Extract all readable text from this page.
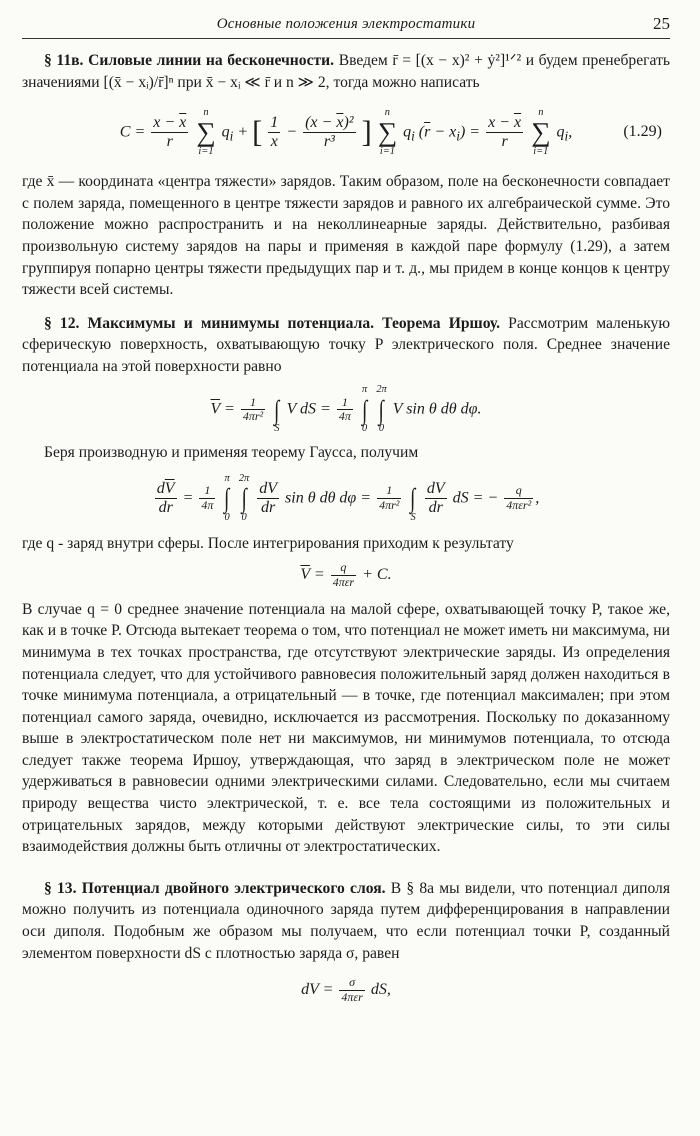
Основные положения электростатики	25

§ 11в. Силовые линии на бесконечности. Введем r̄ = [(x − x)² + ẏ²]¹ᐟ² и будем пренебрегать значениями [(x̄ − xᵢ)/r̄]ⁿ при x̄ − xᵢ ≪ r̄ и n ≫ 2, тогда можно написать

$C = \frac{x - \overline{x}}{r}$

n
∑
i=1
$q_i$ + [ $\frac{1}{x} - \frac{(x - \overline{x})^2}{\overline{r}^3}$ ]
n
∑
i=1
$q_i$ $(\overline{r} - x_i) = \frac{x - \overline{x}}{r}$

n
∑
i=1
$q_i$,	(1.29)

где x̄ — координата «центра тяжести» зарядов. Таким образом, поле на бесконечности совпадает с полем заряда, помещенного в центре тяжести зарядов и равного их алгебраической сумме. Это положение можно распространить и на неколлинеарные заряды. Действительно, разбивая произвольную систему зарядов на пары и применяя в каждой паре формулу (1.29), а затем группируя попарно центры тяжести предыдущих пар и т. д., мы придем в конце концов к центру тяжести всей системы.

§ 12. Максимумы и минимумы потенциала. Теорема Иршоу. Рассмотрим маленькую сферическую поверхность, охватывающую точку P электрического поля. Среднее значение потенциала на этой поверхности равно

$\overline{V} = \frac{1}{\text{4πr²}}$

∫
S
V dS = $\frac{1}{4\pi}$

π
∫
0

2π
∫
0
V sin θ dθ dφ.

Беря производную и применяя теорему Гаусса, получим

$\frac{d\overline{V}}{dr} = \frac{1}{4\pi}$

π
∫
0

2π
∫
0
$\frac{dV}{dr}$ sin θ dθ $d\varphi = \frac{1}{\text{4πr²}}$

∫
S
$\frac{dV}{dr}$ dS = − $\frac{q}{\text{4πεr²}}$ ,

где q - заряд внутри сферы. После интегрирования приходим к результату

$\overline{V} = \frac{q}{\text{4πεr}} + C$.

В случае q = 0 среднее значение потенциала на малой сфере, охватывающей точку P, такое же, как и в точке P. Отсюда вытекает теорема о том, что потенциал не может иметь ни максимума, ни минимума в тех точках пространства, где отсутствуют электрические заряды. Из определения потенциала следует, что для устойчивого равновесия положительный заряд должен находиться в точке минимума потенциала, а отрицательный — в точке, где потенциал максимален; при этом потенциал самого заряда, очевидно, исключается из рассмотрения. Поскольку по доказанному выше в электростатическом поле нет ни максимумов, ни минимумов потенциала, то отсюда следует также теорема Иршоу, утверждающая, что заряд в электрическом поле не может удерживаться в равновесии одними электрическими силами. Следовательно, если мы считаем природу вещества чисто электрической, т. е. все тела состоящими из положительных и отрицательных зарядов, между которыми действуют электрические силы, то эти силы взаимодействия должны быть отличны от электростатических.

§ 13. Потенциал двойного электрического слоя. В § 8а мы видели, что потенциал диполя можно получить из потенциала одиночного заряда путем дифференцирования в направлении оси диполя. Подобным же образом мы получаем, что если потенциал точки P, созданный элементом поверхности dS с плотностью заряда σ, равен

dV = $\frac{\sigma}{\text{4πεr}}$ dS,
